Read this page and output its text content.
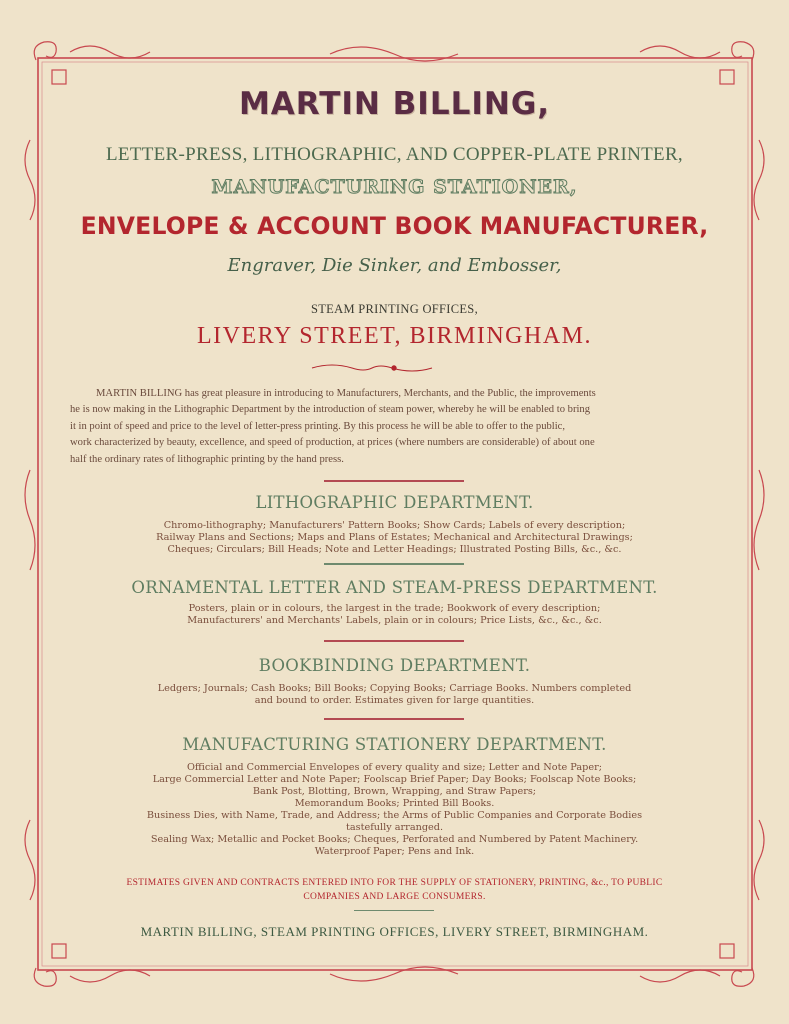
MARTIN BILLING,
LETTER-PRESS, LITHOGRAPHIC, AND COPPER-PLATE PRINTER,
MANUFACTURING STATIONER,
ENVELOPE & ACCOUNT BOOK MANUFACTURER,
Engraver, Die Sinker, and Embosser,
STEAM PRINTING OFFICES,
LIVERY STREET, BIRMINGHAM.
MARTIN BILLING has great pleasure in introducing to Manufacturers, Merchants, and the Public, the improvements
he is now making in the Lithographic Department by the introduction of steam power, whereby he will be enabled to bring
it in point of speed and price to the level of letter-press printing. By this process he will be able to offer to the public,
work characterized by beauty, excellence, and speed of production, at prices (where numbers are considerable) of about one
half the ordinary rates of lithographic printing by the hand press.
LITHOGRAPHIC DEPARTMENT.
Chromo-lithography; Manufacturers' Pattern Books; Show Cards; Labels of every description;
Railway Plans and Sections; Maps and Plans of Estates; Mechanical and Architectural Drawings;
Cheques; Circulars; Bill Heads; Note and Letter Headings; Illustrated Posting Bills, &c., &c.
ORNAMENTAL LETTER AND STEAM-PRESS DEPARTMENT.
Posters, plain or in colours, the largest in the trade; Bookwork of every description;
Manufacturers' and Merchants' Labels, plain or in colours; Price Lists, &c., &c., &c.
BOOKBINDING DEPARTMENT.
Ledgers; Journals; Cash Books; Bill Books; Copying Books; Carriage Books. Numbers completed
and bound to order. Estimates given for large quantities.
MANUFACTURING STATIONERY DEPARTMENT.
Official and Commercial Envelopes of every quality and size; Letter and Note Paper;
Large Commercial Letter and Note Paper; Foolscap Brief Paper; Day Books; Foolscap Note Books;
Bank Post, Blotting, Brown, Wrapping, and Straw Papers;
Memorandum Books; Printed Bill Books.
Business Dies, with Name, Trade, and Address; the Arms of Public Companies and Corporate Bodies
tastefully arranged.
Sealing Wax; Metallic and Pocket Books; Cheques, Perforated and Numbered by Patent Machinery.
Waterproof Paper; Pens and Ink.
ESTIMATES GIVEN AND CONTRACTS ENTERED INTO FOR THE SUPPLY OF STATIONERY, PRINTING, &c., TO PUBLIC
COMPANIES AND LARGE CONSUMERS.
MARTIN BILLING, STEAM PRINTING OFFICES, LIVERY STREET, BIRMINGHAM.
